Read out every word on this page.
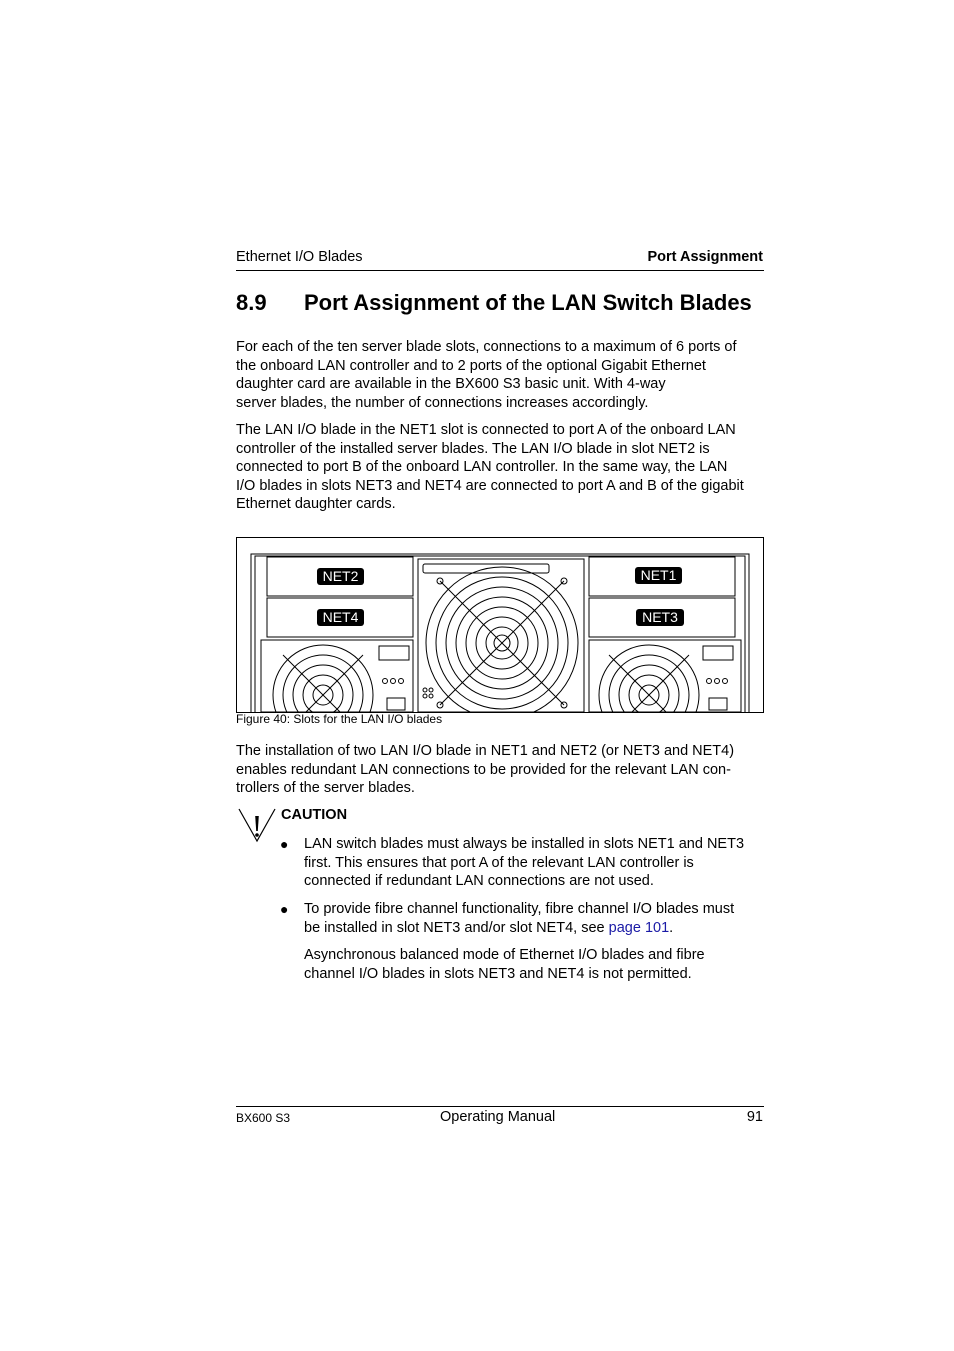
Ethernet I/O Blades	Port Assignment
8.9 Port Assignment of the LAN Switch Blades
For each of the ten server blade slots, connections to a maximum of 6 ports of
the onboard LAN controller and to 2 ports of the optional Gigabit Ethernet
daughter card are available in the BX600 S3 basic unit. With 4-way
server blades, the number of connections increases accordingly.
The LAN I/O blade in the NET1 slot is connected to port A of the onboard LAN
controller of the installed server blades. The LAN I/O blade in slot NET2 is
connected to port B of the onboard LAN controller. In the same way, the LAN
I/O blades in slots NET3 and NET4 are connected to port A and B of the gigabit
Ethernet daughter cards.
NET2
NET4
NET1
NET3
Figure 40: Slots for the LAN I/O blades
The installation of two LAN I/O blade in NET1 and NET2 (or NET3 and NET4)
enables redundant LAN connections to be provided for the relevant LAN con-
trollers of the server blades.
CAUTION
● LAN switch blades must always be installed in slots NET1 and NET3
first. This ensures that port A of the relevant LAN controller is
connected if redundant LAN connections are not used.
● To provide fibre channel functionality, fibre channel I/O blades must
be installed in slot NET3 and/or slot NET4, see page 101.
Asynchronous balanced mode of Ethernet I/O blades and fibre
channel I/O blades in slots NET3 and NET4 is not permitted.
BX600 S3	Operating Manual	91
